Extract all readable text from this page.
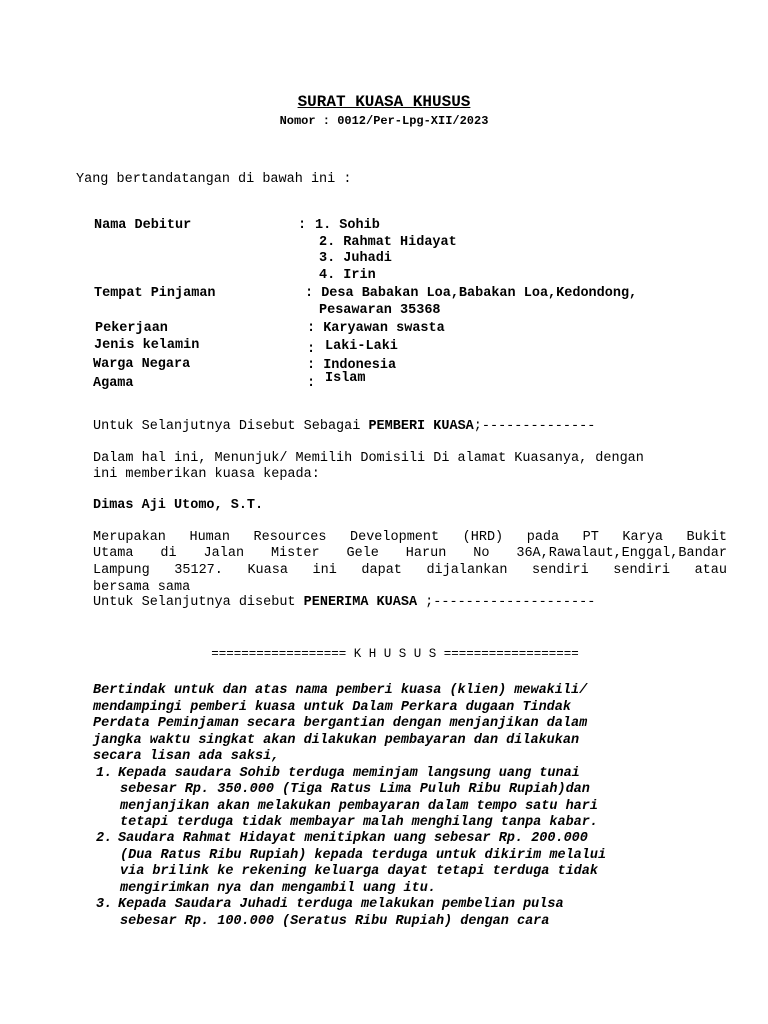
SURAT KUASA KHUSUS
Nomor : 0012/Per-Lpg-XII/2023
Yang bertandatangan di bawah ini :
Nama Debitur	: 1. Sohib
2. Rahmat Hidayat
3. Juhadi
4. Irin
Tempat Pinjaman	: Desa Babakan Loa,Babakan Loa,Kedondong,
Pesawaran 35368
Pekerjaan	: Karyawan swasta
Jenis kelamin	: Laki-Laki
Warga Negara	: Indonesia
Agama	: Islam
Untuk Selanjutnya Disebut Sebagai PEMBERI KUASA;--------------
Dalam hal ini, Menunjuk/ Memilih Domisili Di alamat Kuasanya, dengan
ini memberikan kuasa kepada:
Dimas Aji Utomo, S.T.
Merupakan Human Resources Development (HRD) pada PT Karya Bukit
Utama di Jalan Mister Gele Harun No 36A,Rawalaut,Enggal,Bandar
Lampung 35127. Kuasa ini dapat dijalankan sendiri sendiri atau
bersama sama
Untuk Selanjutnya disebut PENERIMA KUASA ;--------------------
================== K H U S U S ==================
Bertindak untuk dan atas nama pemberi kuasa (klien) mewakili/
mendampingi pemberi kuasa untuk Dalam Perkara dugaan Tindak
Perdata Peminjaman secara bergantian dengan menjanjikan dalam
jangka waktu singkat akan dilakukan pembayaran dan dilakukan
secara lisan ada saksi,
1. Kepada saudara Sohib terduga meminjam langsung uang tunai
sebesar Rp. 350.000 (Tiga Ratus Lima Puluh Ribu Rupiah)dan
menjanjikan akan melakukan pembayaran dalam tempo satu hari
tetapi terduga tidak membayar malah menghilang tanpa kabar.
2. Saudara Rahmat Hidayat menitipkan uang sebesar Rp. 200.000
(Dua Ratus Ribu Rupiah) kepada terduga untuk dikirim melalui
via brilink ke rekening keluarga dayat tetapi terduga tidak
mengirimkan nya dan mengambil uang itu.
3. Kepada Saudara Juhadi terduga melakukan pembelian pulsa
sebesar Rp. 100.000 (Seratus Ribu Rupiah) dengan cara
